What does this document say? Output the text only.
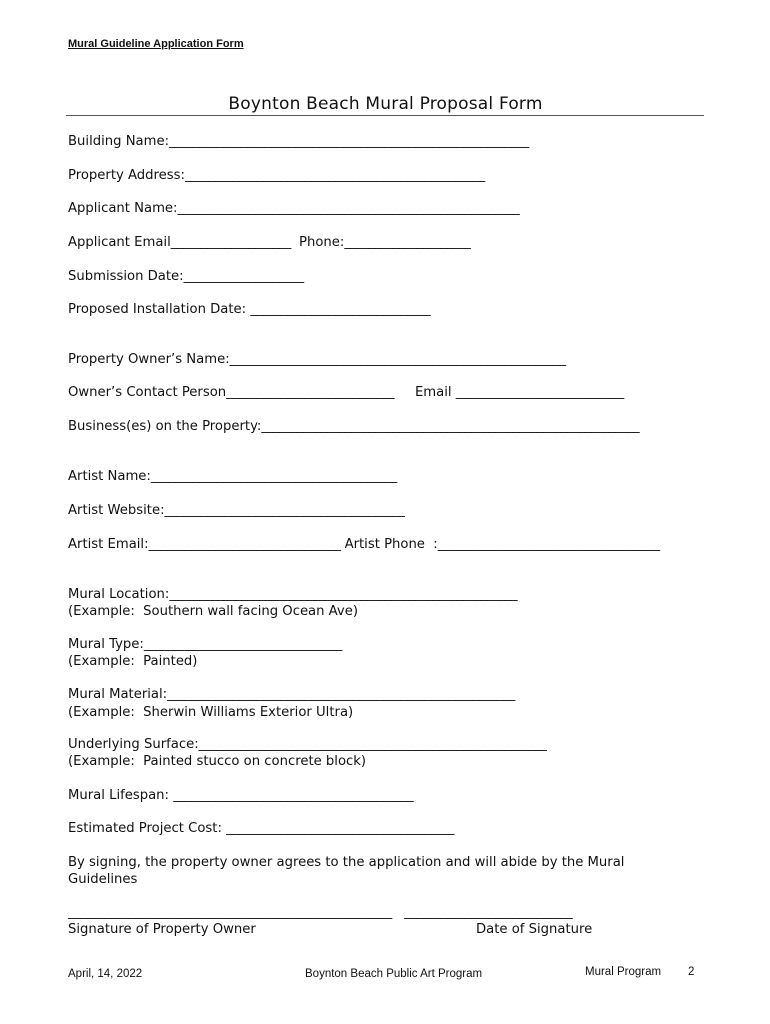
Mural Guideline Application Form
Boynton Beach Mural Proposal Form
Building Name:____________________________________________________________
Property Address:__________________________________________________
Applicant Name:_________________________________________________________
Applicant Email____________________ Phone:_____________________
Submission Date:____________________
Proposed Installation Date: ______________________________
Property Owner’s Name:________________________________________________________
Owner’s Contact Person____________________________ Email ____________________________
Business(es) on the Property:_______________________________________________________________
Artist Name:_________________________________________
Artist Website:________________________________________
Artist Email:________________________________ Artist Phone  :_____________________________________
Mural Location:__________________________________________________________
(Example:  Southern wall facing Ocean Ave)
Mural Type:_________________________________
(Example:  Painted)
Mural Material:__________________________________________________________
(Example:  Sherwin Williams Exterior Ultra)
Underlying Surface:__________________________________________________________
(Example:  Painted stucco on concrete block)
Mural Lifespan: ________________________________________
Estimated Project Cost: ______________________________________
By signing, the property owner agrees to the application and will abide by the Mural Guidelines
______________________________________________________ ____________________________
Signature of Property Owner	Date of Signature
April, 14, 2022	Boynton Beach Public Art Program	Mural Program 2
